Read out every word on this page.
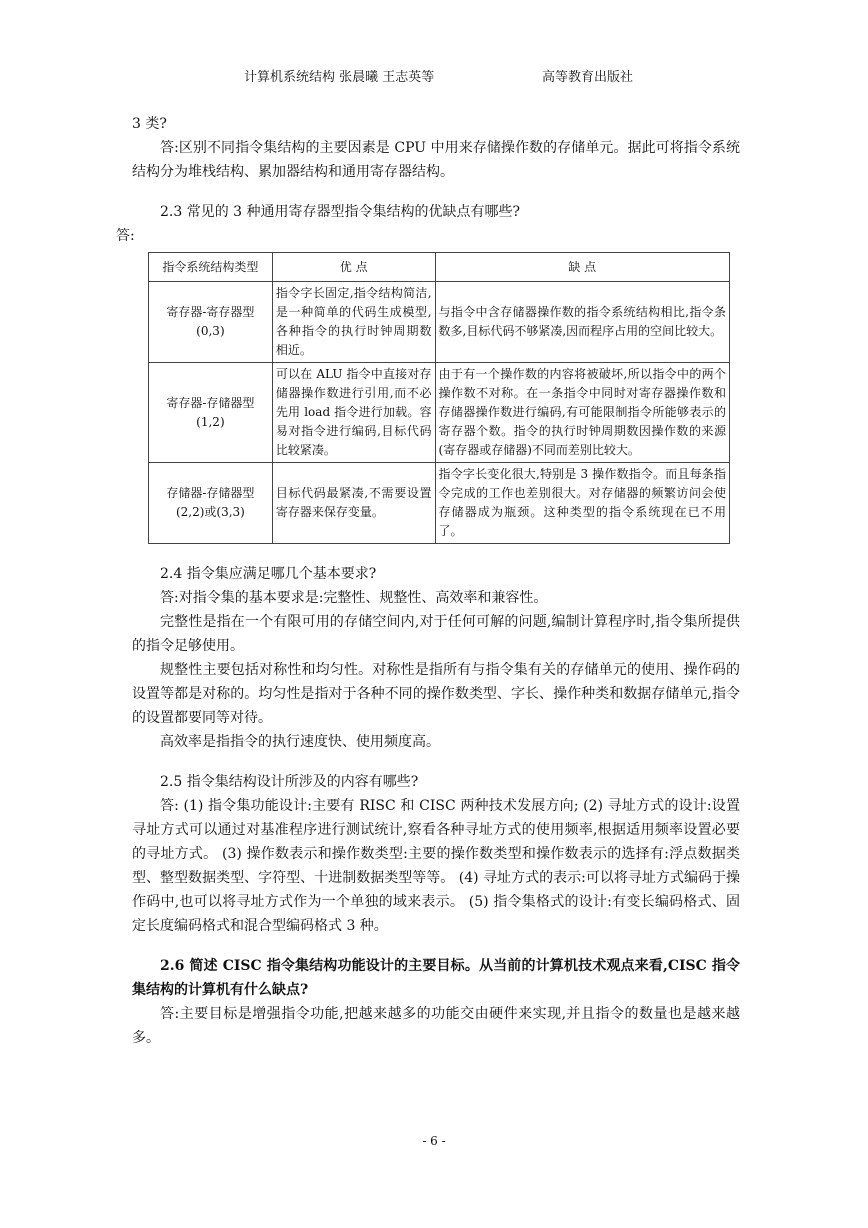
计算机系统结构 张晨曦 王志英等	高等教育出版社

3 类?

答:区别不同指令集结构的主要因素是 CPU 中用来存储操作数的存储单元。据此可将指令系统结构分为堆栈结构、累加器结构和通用寄存器结构。

2.3 常见的 3 种通用寄存器型指令集结构的优缺点有哪些?

答:

指令系统结构类型	优 点	缺 点

寄存器-寄存器型
(0,3)	指令字长固定,指令结构简洁,是一种简单的代码生成模型,各种指令的执行时钟周期数相近。	与指令中含存储器操作数的指令系统结构相比,指令条数多,目标代码不够紧凑,因而程序占用的空间比较大。

寄存器-存储器型
(1,2)	可以在 ALU 指令中直接对存储器操作数进行引用,而不必先用 load 指令进行加载。容易对指令进行编码,目标代码比较紧凑。	由于有一个操作数的内容将被破坏,所以指令中的两个操作数不对称。在一条指令中同时对寄存器操作数和存储器操作数进行编码,有可能限制指令所能够表示的寄存器个数。指令的执行时钟周期数因操作数的来源(寄存器或存储器)不同而差别比较大。

存储器-存储器型
(2,2)或(3,3)	目标代码最紧凑,不需要设置寄存器来保存变量。	指令字长变化很大,特别是 3 操作数指令。而且每条指令完成的工作也差别很大。对存储器的频繁访问会使存储器成为瓶颈。这种类型的指令系统现在已不用了。

2.4 指令集应满足哪几个基本要求?

答:对指令集的基本要求是:完整性、规整性、高效率和兼容性。

完整性是指在一个有限可用的存储空间内,对于任何可解的问题,编制计算程序时,指令集所提供的指令足够使用。

规整性主要包括对称性和均匀性。对称性是指所有与指令集有关的存储单元的使用、操作码的设置等都是对称的。均匀性是指对于各种不同的操作数类型、字长、操作种类和数据存储单元,指令的设置都要同等对待。

高效率是指指令的执行速度快、使用频度高。

2.5 指令集结构设计所涉及的内容有哪些?

答: (1) 指令集功能设计:主要有 RISC 和 CISC 两种技术发展方向; (2) 寻址方式的设计:设置寻址方式可以通过对基准程序进行测试统计,察看各种寻址方式的使用频率,根据适用频率设置必要的寻址方式。 (3) 操作数表示和操作数类型:主要的操作数类型和操作数表示的选择有:浮点数据类型、整型数据类型、字符型、十进制数据类型等等。 (4) 寻址方式的表示:可以将寻址方式编码于操作码中,也可以将寻址方式作为一个单独的域来表示。 (5) 指令集格式的设计:有变长编码格式、固定长度编码格式和混合型编码格式 3 种。

2.6 简述 CISC 指令集结构功能设计的主要目标。从当前的计算机技术观点来看,CISC 指令集结构的计算机有什么缺点?

答:主要目标是增强指令功能,把越来越多的功能交由硬件来实现,并且指令的数量也是越来越多。

- 6 -
